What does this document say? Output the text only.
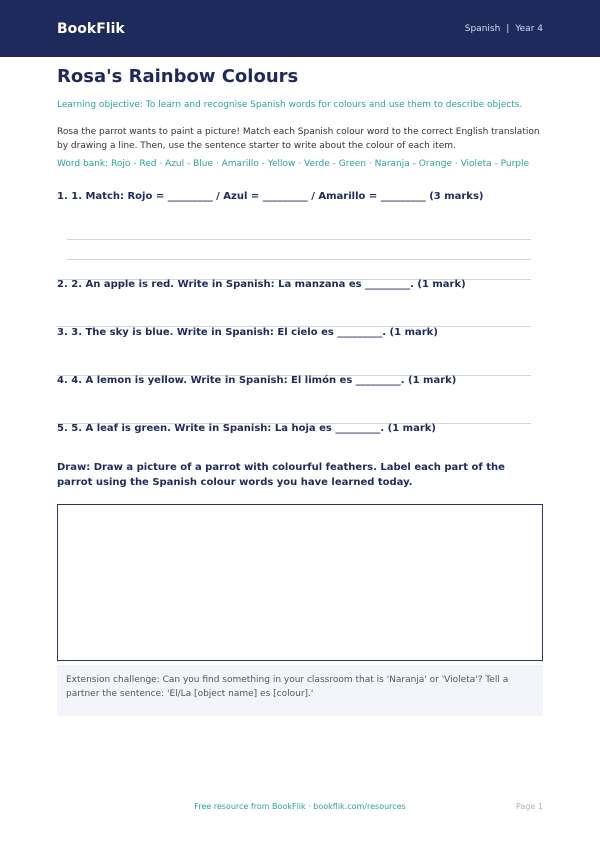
BookFlik	Spanish | Year 4
Rosa's Rainbow Colours
Learning objective: To learn and recognise Spanish words for colours and use them to describe objects.
Rosa the parrot wants to paint a picture! Match each Spanish colour word to the correct English translation by drawing a line. Then, use the sentence starter to write about the colour of each item.
Word bank: Rojo - Red · Azul - Blue · Amarillo - Yellow · Verde - Green · Naranja - Orange · Violeta - Purple
1. 1. Match: Rojo = _________ / Azul = _________ / Amarillo = _________ (3 marks)
2. 2. An apple is red. Write in Spanish: La manzana es _________. (1 mark)
3. 3. The sky is blue. Write in Spanish: El cielo es _________. (1 mark)
4. 4. A lemon is yellow. Write in Spanish: El limón es _________. (1 mark)
5. 5. A leaf is green. Write in Spanish: La hoja es _________. (1 mark)
Draw: Draw a picture of a parrot with colourful feathers. Label each part of the parrot using the Spanish colour words you have learned today.
Extension challenge: Can you find something in your classroom that is 'Naranja' or 'Violeta'? Tell a partner the sentence: 'El/La [object name] es [colour].'
Free resource from BookFlik · bookflik.com/resources	Page 1
